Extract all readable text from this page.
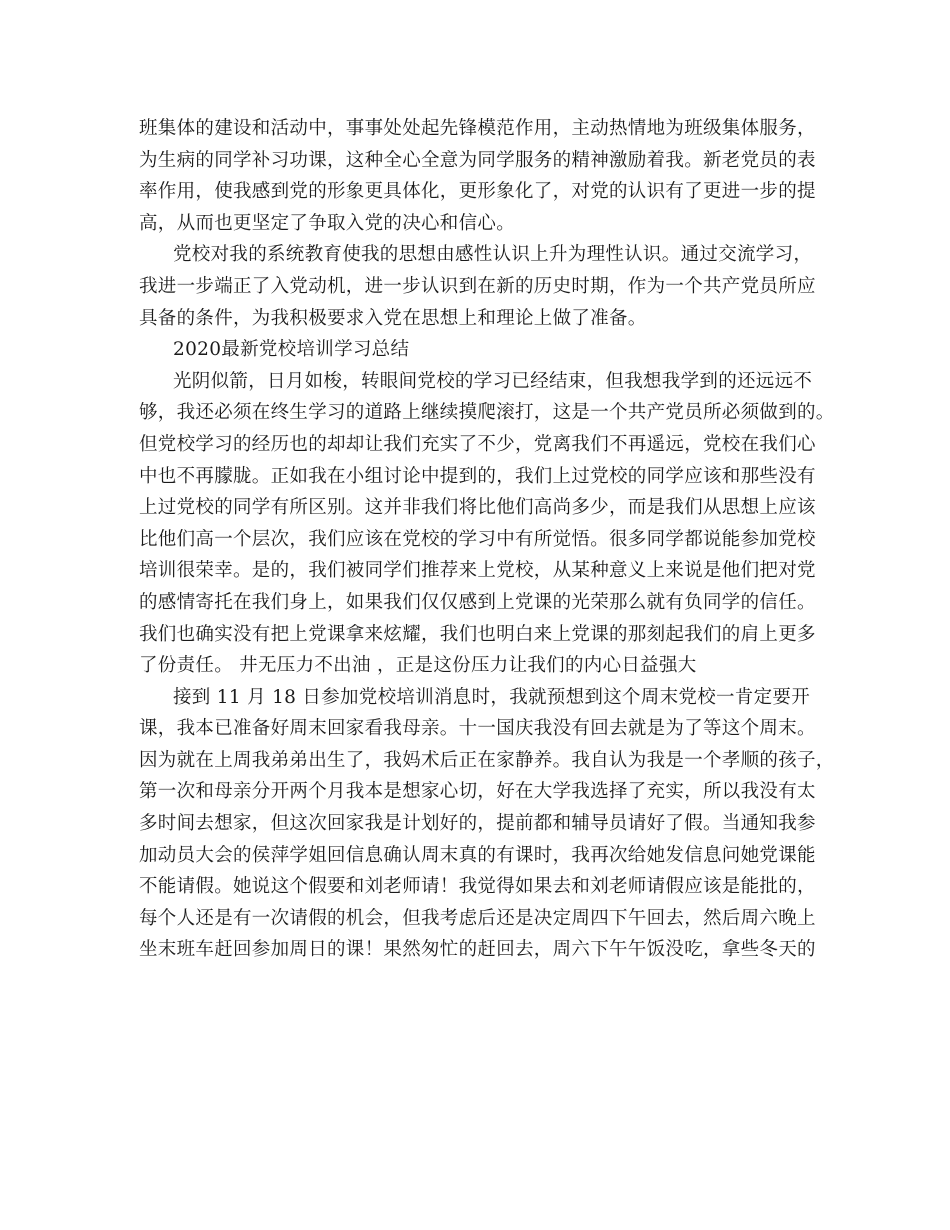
班集体的建设和活动中，事事处处起先锋模范作用，主动热情地为班级集体服务，
为生病的同学补习功课，这种全心全意为同学服务的精神激励着我。新老党员的表
率作用，使我感到党的形象更具体化，更形象化了，对党的认识有了更进一步的提
高，从而也更坚定了争取入党的决心和信心。
党校对我的系统教育使我的思想由感性认识上升为理性认识。通过交流学习，
我进一步端正了入党动机，进一步认识到在新的历史时期，作为一个共产党员所应
具备的条件，为我积极要求入党在思想上和理论上做了准备。
2020最新党校培训学习总结
光阴似箭，日月如梭，转眼间党校的学习已经结束，但我想我学到的还远远不
够，我还必须在终生学习的道路上继续摸爬滚打，这是一个共产党员所必须做到的。
但党校学习的经历也的却却让我们充实了不少，党离我们不再遥远，党校在我们心
中也不再朦胧。正如我在小组讨论中提到的，我们上过党校的同学应该和那些没有
上过党校的同学有所区别。这并非我们将比他们高尚多少，而是我们从思想上应该
比他们高一个层次，我们应该在党校的学习中有所觉悟。很多同学都说能参加党校
培训很荣幸。是的，我们被同学们推荐来上党校，从某种意义上来说是他们把对党
的感情寄托在我们身上，如果我们仅仅感到上党课的光荣那么就有负同学的信任。
我们也确实没有把上党课拿来炫耀，我们也明白来上党课的那刻起我们的肩上更多
了份责任。 井无压力不出油 ，正是这份压力让我们的内心日益强大
接到 11 月 18 日参加党校培训消息时，我就预想到这个周末党校一肯定要开
课，我本已准备好周末回家看我母亲。十一国庆我没有回去就是为了等这个周末。
因为就在上周我弟弟出生了，我妈术后正在家静养。我自认为我是一个孝顺的孩子，
第一次和母亲分开两个月我本是想家心切，好在大学我选择了充实，所以我没有太
多时间去想家，但这次回家我是计划好的，提前都和辅导员请好了假。当通知我参
加动员大会的侯萍学姐回信息确认周末真的有课时，我再次给她发信息问她党课能
不能请假。她说这个假要和刘老师请！我觉得如果去和刘老师请假应该是能批的，
每个人还是有一次请假的机会，但我考虑后还是决定周四下午回去，然后周六晚上
坐末班车赶回参加周日的课！果然匆忙的赶回去，周六下午午饭没吃，拿些冬天的
